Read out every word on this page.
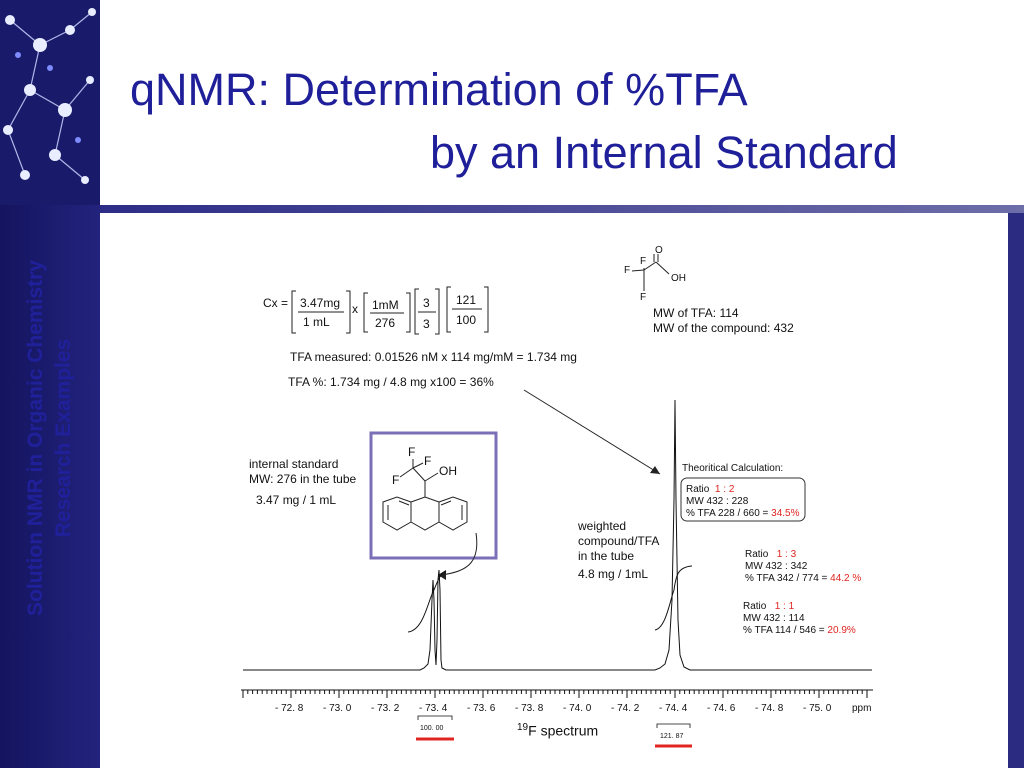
Solution NMR in Organic Chemistry Research Examples
qNMR: Determination of %TFA
by an Internal Standard
Cx = 3.47mg
1 mL
x 1mM
276
3
3
121
100
O
F
F
F
OH
MW of TFA: 114
MW of the compound: 432
TFA measured: 0.01526 nM x 114 mg/mM = 1.734 mg
TFA %: 1.734 mg / 4.8 mg x100 = 36%
F
F
F
OH
internal standard
MW: 276 in the tube
3.47 mg / 1 mL
weighted
compound/TFA
in the tube
4.8 mg / 1mL
Theoritical Calculation:
Ratio 1 : 2
MW 432 : 228
% TFA 228 / 660 = 34.5%
Ratio 1 : 3
MW 432 : 342
% TFA 342 / 774 = 44.2 %
Ratio 1 : 1
MW 432 : 114
% TFA 114 / 546 = 20.9%
- 72. 8 - 73. 0 - 73. 2 - 73. 4 - 73. 6 - 73. 8 - 74. 0 - 74. 2 - 74. 4 - 74. 6 - 74. 8 - 75. 0 ppm
100. 00
121. 87
$^{19}$F spectrum
